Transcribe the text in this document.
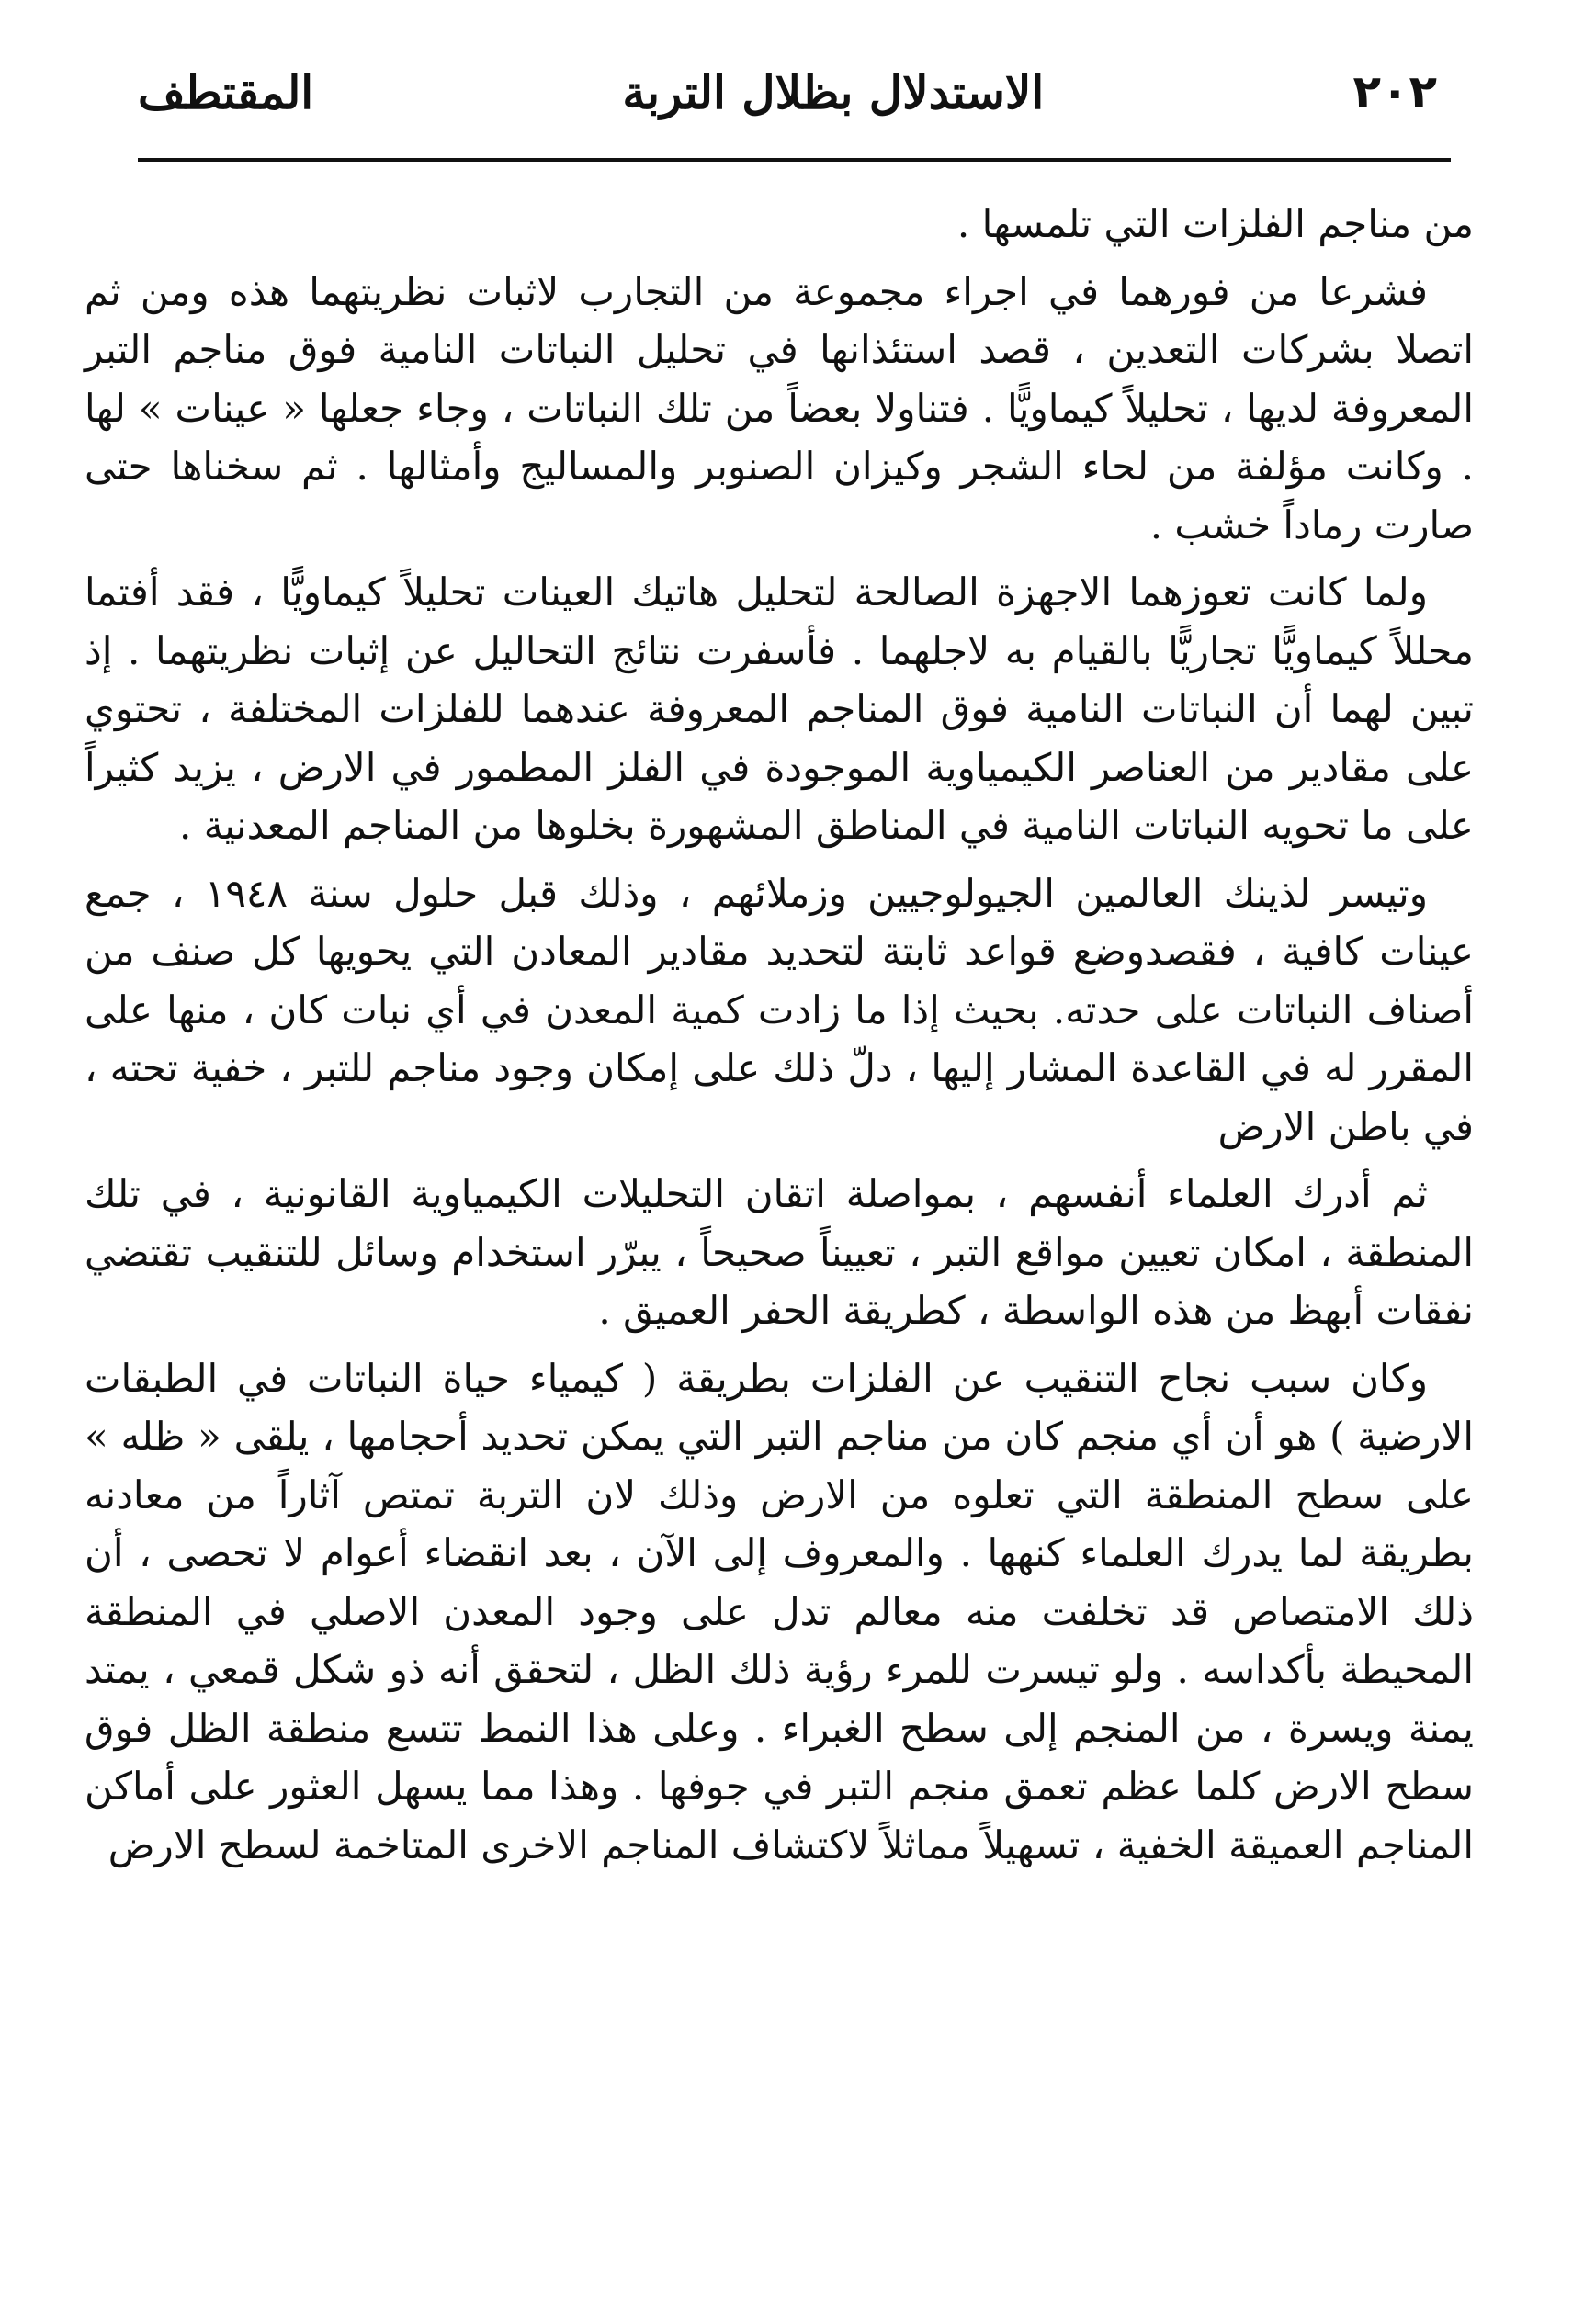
٢٠٢
الاستدلال بظلال التربة
المقتطف

من مناجم الفلزات التي تلمسها .

فشرعا من فورهما في اجراء مجموعة من التجارب لاثبات نظريتهما هذه ومن ثم اتصلا بشركات التعدين ، قصد استئذانها في تحليل النباتات النامية فوق مناجم التبر المعروفة لديها ، تحليلاً كيماويًّا . فتناولا بعضاً من تلك النباتات ، وجاء جعلها « عينات » لها . وكانت مؤلفة من لحاء الشجر وكيزان الصنوبر والمساليج وأمثالها . ثم سخناها حتى صارت رماداً خشب .

ولما كانت تعوزهما الاجهزة الصالحة لتحليل هاتيك العينات تحليلاً كيماويًّا ، فقد أفتما محللاً كيماويًّا تجاريًّا بالقيام به لاجلهما . فأسفرت نتائج التحاليل عن إثبات نظريتهما . إذ تبين لهما أن النباتات النامية فوق المناجم المعروفة عندهما للفلزات المختلفة ، تحتوي على مقادير من العناصر الكيمياوية الموجودة في الفلز المطمور في الارض ، يزيد كثيراً على ما تحويه النباتات النامية في المناطق المشهورة بخلوها من المناجم المعدنية .

وتيسر لذينك العالمين الجيولوجيين وزملائهم ، وذلك قبل حلول سنة ١٩٤٨ ، جمع عينات كافية ، فقصدوضع قواعد ثابتة لتحديد مقادير المعادن التي يحويها كل صنف من أصناف النباتات على حدته. بحيث إذا ما زادت كمية المعدن في أي نبات كان ، منها على المقرر له في القاعدة المشار إليها ، دلّ ذلك على إمكان وجود مناجم للتبر ، خفية تحته ، في باطن الارض

ثم أدرك العلماء أنفسهم ، بمواصلة اتقان التحليلات الكيمياوية القانونية ، في تلك المنطقة ، امكان تعيين مواقع التبر ، تعييناً صحيحاً ، يبرّر استخدام وسائل للتنقيب تقتضي نفقات أبهظ من هذه الواسطة ، كطريقة الحفر العميق .

وكان سبب نجاح التنقيب عن الفلزات بطريقة ( كيمياء حياة النباتات في الطبقات الارضية ) هو أن أي منجم كان من مناجم التبر التي يمكن تحديد أحجامها ، يلقى « ظله » على سطح المنطقة التي تعلوه من الارض وذلك لان التربة تمتص آثاراً من معادنه بطريقة لما يدرك العلماء كنهها . والمعروف إلى الآن ، بعد انقضاء أعوام لا تحصى ، أن ذلك الامتصاص قد تخلفت منه معالم تدل على وجود المعدن الاصلي في المنطقة المحيطة بأكداسه . ولو تيسرت للمرء رؤية ذلك الظل ، لتحقق أنه ذو شكل قمعي ، يمتد يمنة ويسرة ، من المنجم إلى سطح الغبراء . وعلى هذا النمط تتسع منطقة الظل فوق سطح الارض كلما عظم تعمق منجم التبر في جوفها . وهذا مما يسهل العثور على أماكن المناجم العميقة الخفية ، تسهيلاً مماثلاً لاكتشاف المناجم الاخرى المتاخمة لسطح الارض
